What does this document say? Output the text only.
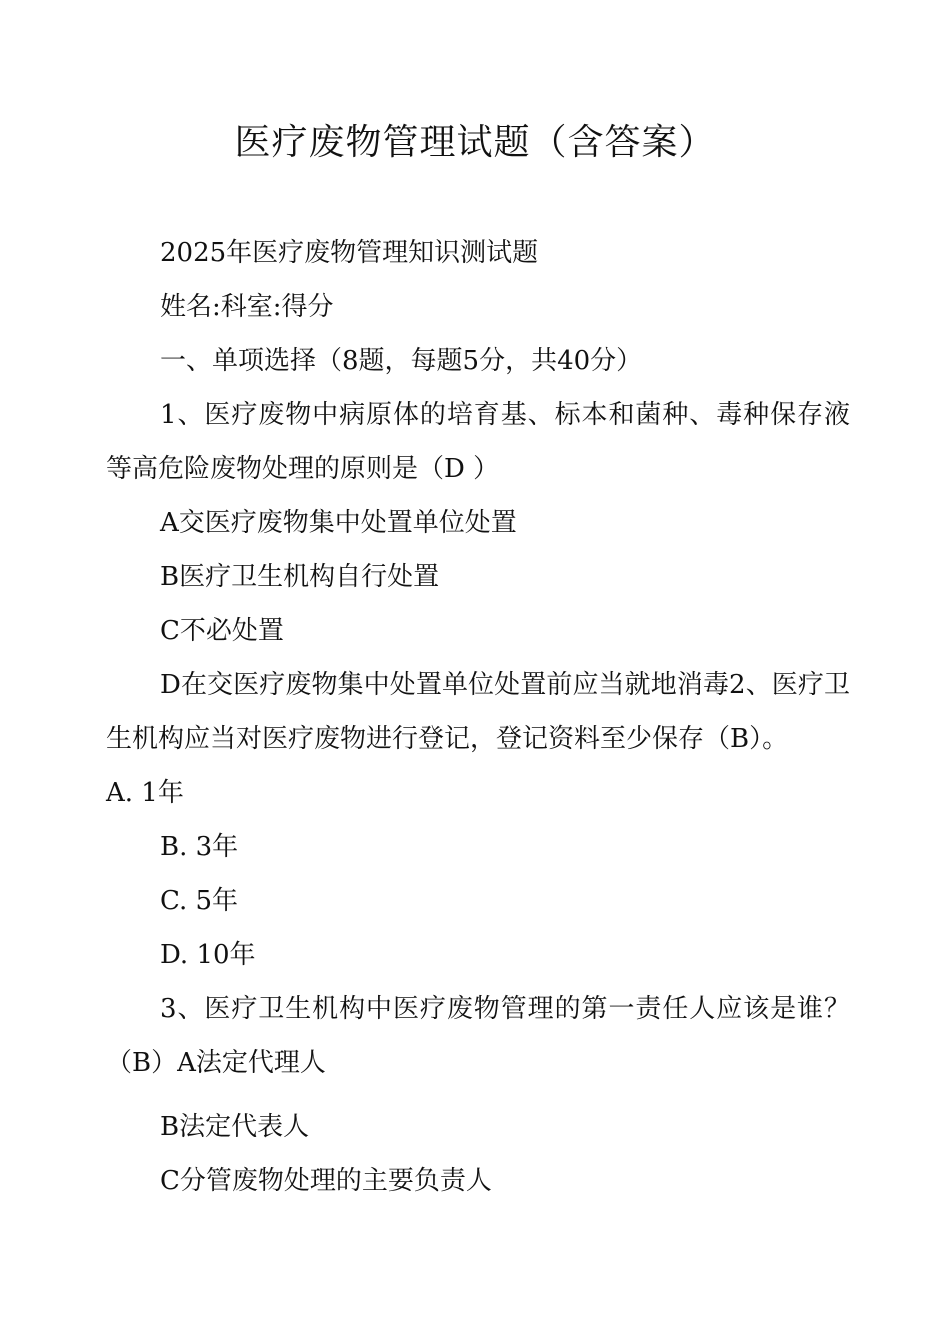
医疗废物管理试题（含答案）

2025年医疗废物管理知识测试题

姓名:科室:得分

一、单项选择（8题，每题5分，共40分）

1、医疗废物中病原体的培育基、标本和菌种、毒种保存液等高危险废物处理的原则是（D ）

A交医疗废物集中处置单位处置

B医疗卫生机构自行处置

C不必处置

D在交医疗废物集中处置单位处置前应当就地消毒2、医疗卫生机构应当对医疗废物进行登记，登记资料至少保存（B）。

A. 1年

B. 3年

C. 5年

D. 10年

3、医疗卫生机构中医疗废物管理的第一责任人应该是谁？（B）A法定代理人

B法定代表人

C分管废物处理的主要负责人
